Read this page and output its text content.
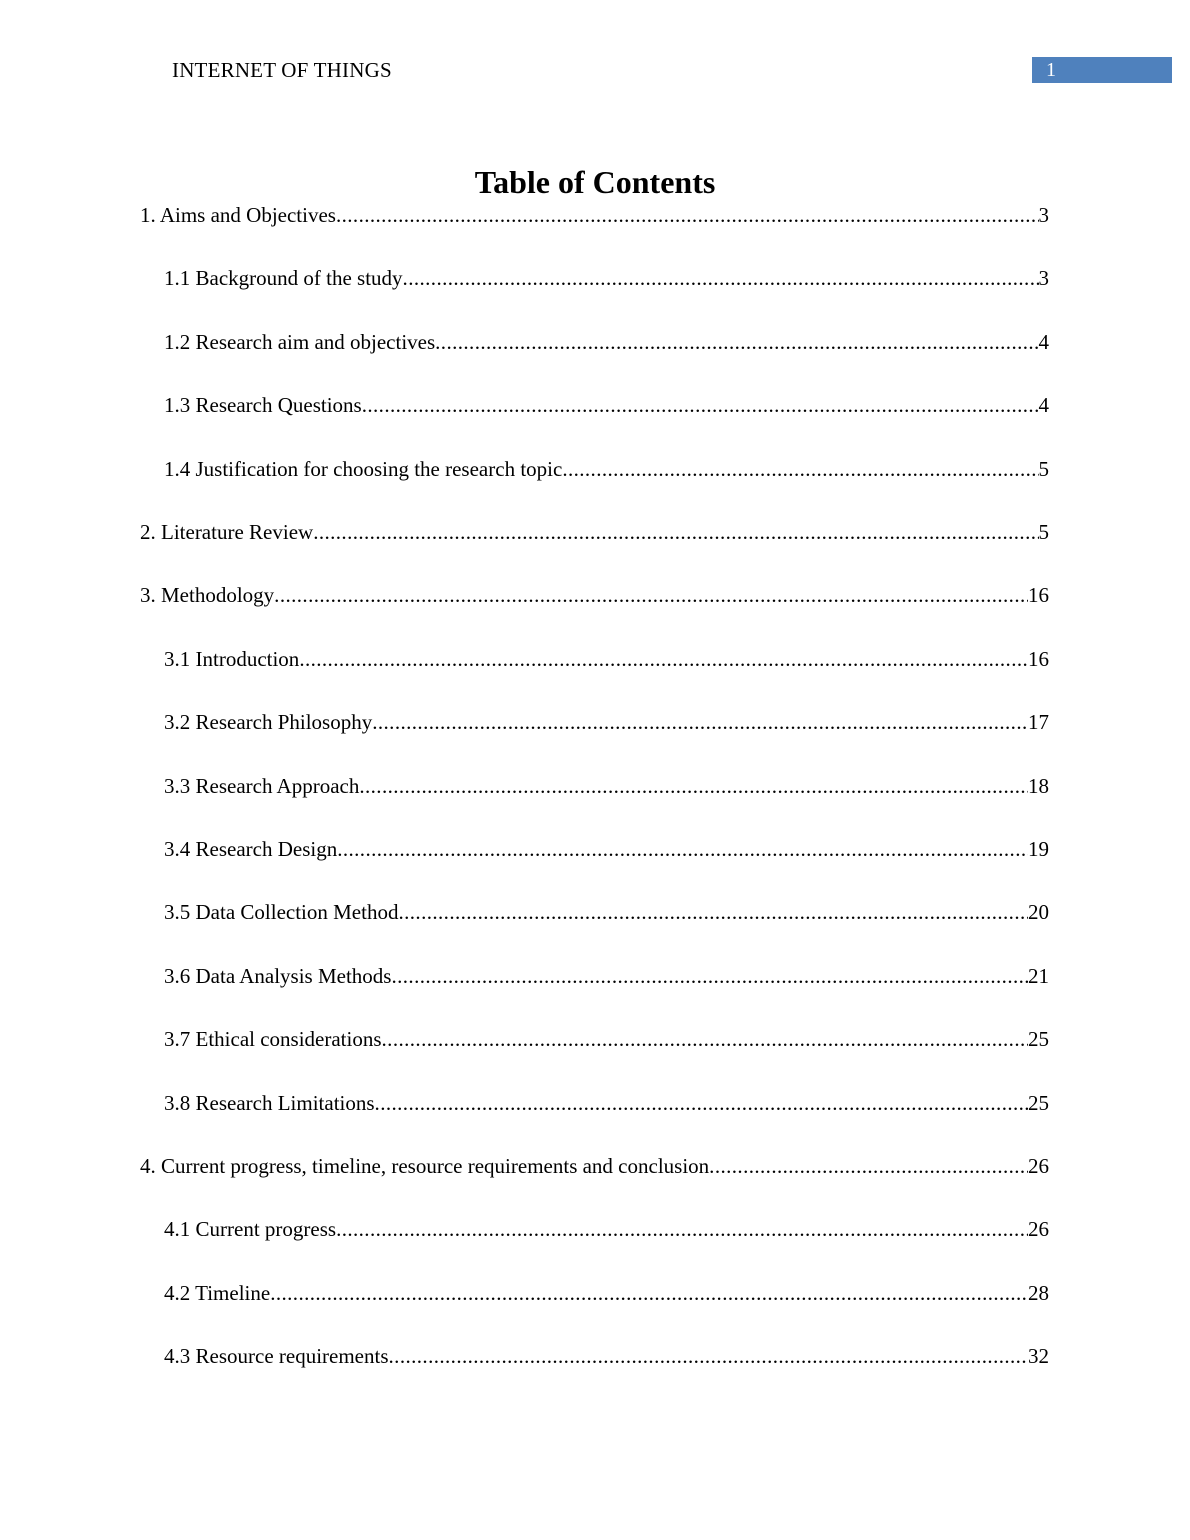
INTERNET OF THINGS	1
Table of Contents
1. Aims and Objectives .....	3
1.1 Background of the study .....	3
1.2 Research aim and objectives .....	4
1.3 Research Questions .....	4
1.4 Justification for choosing the research topic .....	5
2. Literature Review .....	5
3. Methodology .....	16
3.1 Introduction .....	16
3.2 Research Philosophy .....	17
3.3 Research Approach .....	18
3.4 Research Design .....	19
3.5 Data Collection Method .....	20
3.6 Data Analysis Methods .....	21
3.7 Ethical considerations .....	25
3.8 Research Limitations .....	25
4. Current progress, timeline, resource requirements and conclusion .....	26
4.1 Current progress .....	26
4.2 Timeline .....	28
4.3 Resource requirements .....	32
